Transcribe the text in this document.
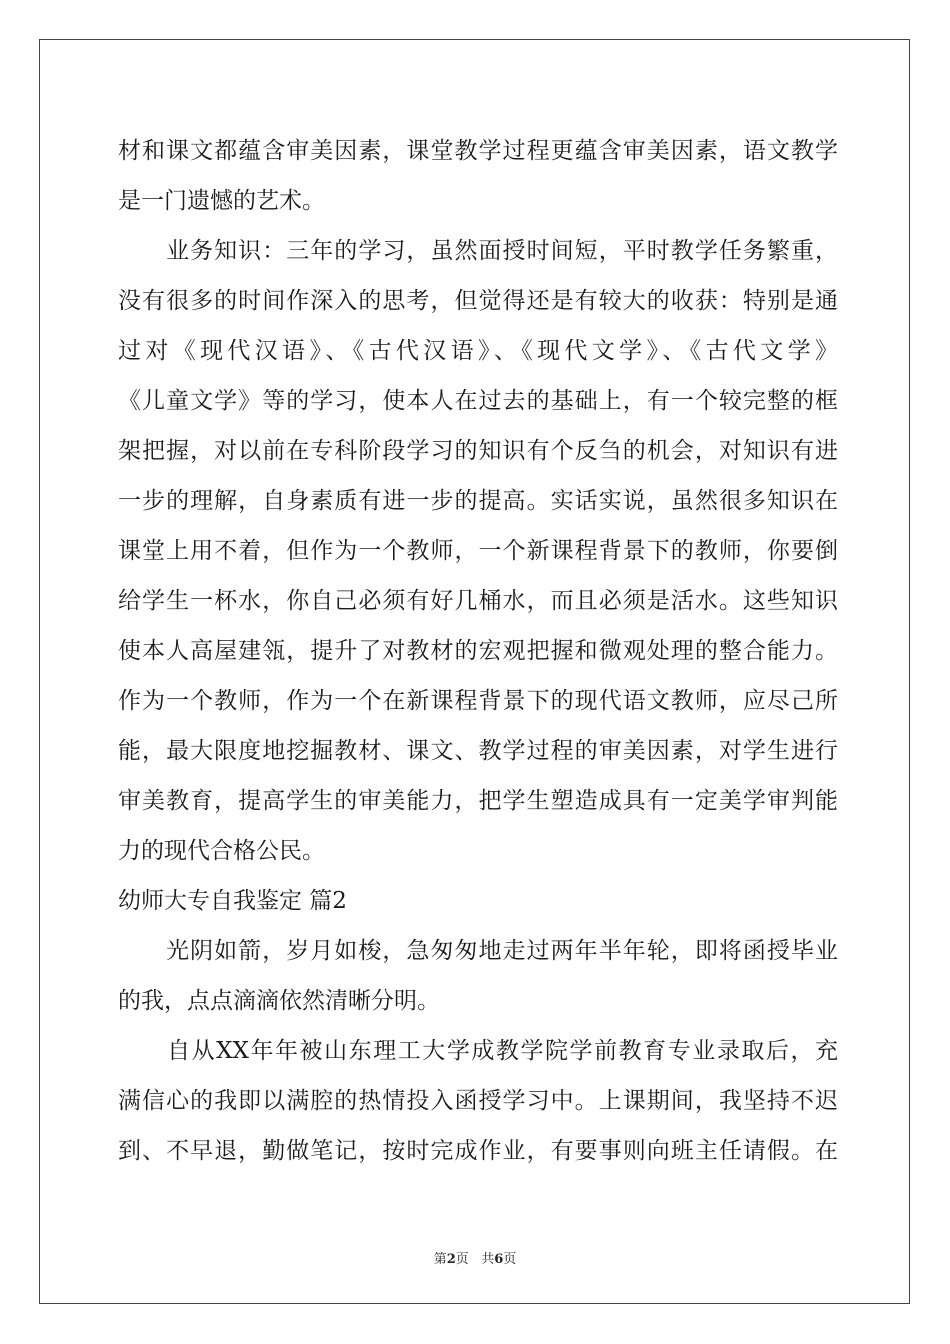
材和课文都蕴含审美因素，课堂教学过程更蕴含审美因素，语文教学
是一门遗憾的艺术。
　　业务知识：三年的学习，虽然面授时间短，平时教学任务繁重，
没有很多的时间作深入的思考，但觉得还是有较大的收获：特别是通
过对《现代汉语》、《古代汉语》、《现代文学》、《古代文学》
《儿童文学》等的学习，使本人在过去的基础上，有一个较完整的框
架把握，对以前在专科阶段学习的知识有个反刍的机会，对知识有进
一步的理解，自身素质有进一步的提高。实话实说，虽然很多知识在
课堂上用不着，但作为一个教师，一个新课程背景下的教师，你要倒
给学生一杯水，你自己必须有好几桶水，而且必须是活水。这些知识
使本人高屋建瓴，提升了对教材的宏观把握和微观处理的整合能力。
作为一个教师，作为一个在新课程背景下的现代语文教师，应尽己所
能，最大限度地挖掘教材、课文、教学过程的审美因素，对学生进行
审美教育，提高学生的审美能力，把学生塑造成具有一定美学审判能
力的现代合格公民。
幼师大专自我鉴定 篇2
　　光阴如箭，岁月如梭，急匆匆地走过两年半年轮，即将函授毕业
的我，点点滴滴依然清晰分明。
　　自从XX年年被山东理工大学成教学院学前教育专业录取后，充
满信心的我即以满腔的热情投入函授学习中。上课期间，我坚持不迟
到、不早退，勤做笔记，按时完成作业，有要事则向班主任请假。在
第2页 共6页
